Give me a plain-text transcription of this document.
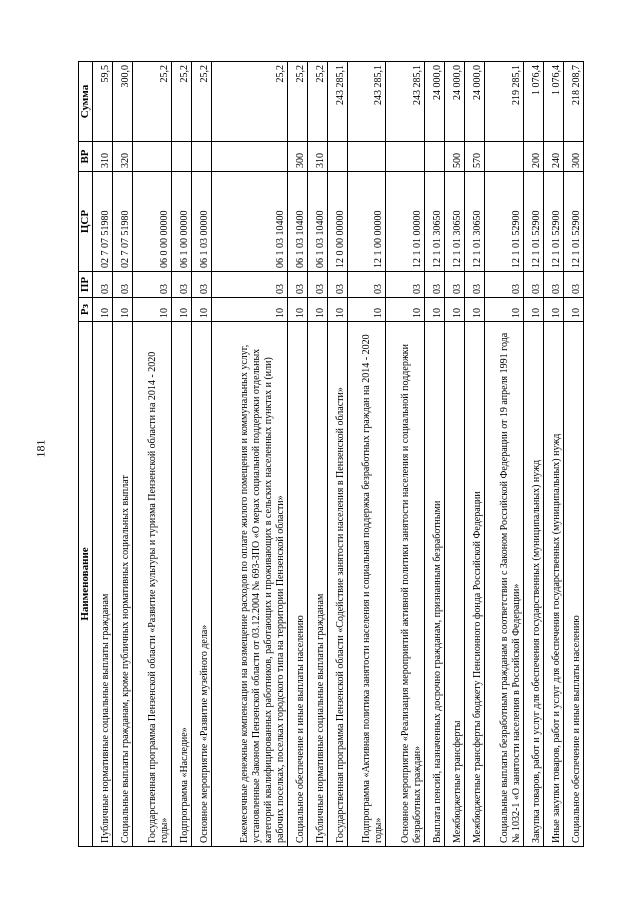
181
Наименование	Рз	ПР	ЦСР	ВР	Сумма
Публичные нормативные социальные выплаты гражданам	10	03	02 7 07 51980	310	59,5
Социальные выплаты гражданам, кроме публичных нормативных социальных выплат	10	03	02 7 07 51980	320	300,0
Государственная программа Пензенской области «Развитие культуры и туризма Пензенской области на 2014 - 2020 годы»	10	03	06 0 00 00000		25,2
Подпрограмма «Наследие»	10	03	06 1 00 00000		25,2
Основное мероприятие «Развитие музейного дела»	10	03	06 1 03 00000		25,2
Ежемесячные денежные компенсации на возмещение расходов по оплате жилого помещения и коммунальных услуг, установленные Законом Пензенской области от 03.12.2004 № 693-ЗПО «О мерах социальной поддержки отдельных категорий квалифицированных работников, работающих и проживающих в сельских населенных пунктах и (или) рабочих поселках, поселках городского типа на территории Пензенской области»	10	03	06 1 03 10400		25,2
Социальное обеспечение и иные выплаты населению	10	03	06 1 03 10400	300	25,2
Публичные нормативные социальные выплаты гражданам	10	03	06 1 03 10400	310	25,2
Государственная программа Пензенской области «Содействие занятости населения в Пензенской области»	10	03	12 0 00 00000		243 285,1
Подпрограмма «Активная политика занятости населения и социальная поддержка безработных граждан на 2014 - 2020 годы»	10	03	12 1 00 00000		243 285,1
Основное мероприятие «Реализация мероприятий активной политики занятости населения и социальной поддержки безработных граждан»	10	03	12 1 01 00000		243 285,1
Выплата пенсий, назначенных досрочно гражданам, признанным безработными	10	03	12 1 01 30650		24 000,0
Межбюджетные трансферты	10	03	12 1 01 30650	500	24 000,0
Межбюджетные трансферты бюджету Пенсионного фонда Российской Федерации	10	03	12 1 01 30650	570	24 000,0
Социальные выплаты безработным гражданам в соответствии с Законом Российской Федерации от 19 апреля 1991 года № 1032-1 «О занятости населения в Российской Федерации»	10	03	12 1 01 52900		219 285,1
Закупка товаров, работ и услуг для обеспечения государственных (муниципальных) нужд	10	03	12 1 01 52900	200	1 076,4
Иные закупки товаров, работ и услуг для обеспечения государственных (муниципальных) нужд	10	03	12 1 01 52900	240	1 076,4
Социальное обеспечение и иные выплаты населению	10	03	12 1 01 52900	300	218 208,7
